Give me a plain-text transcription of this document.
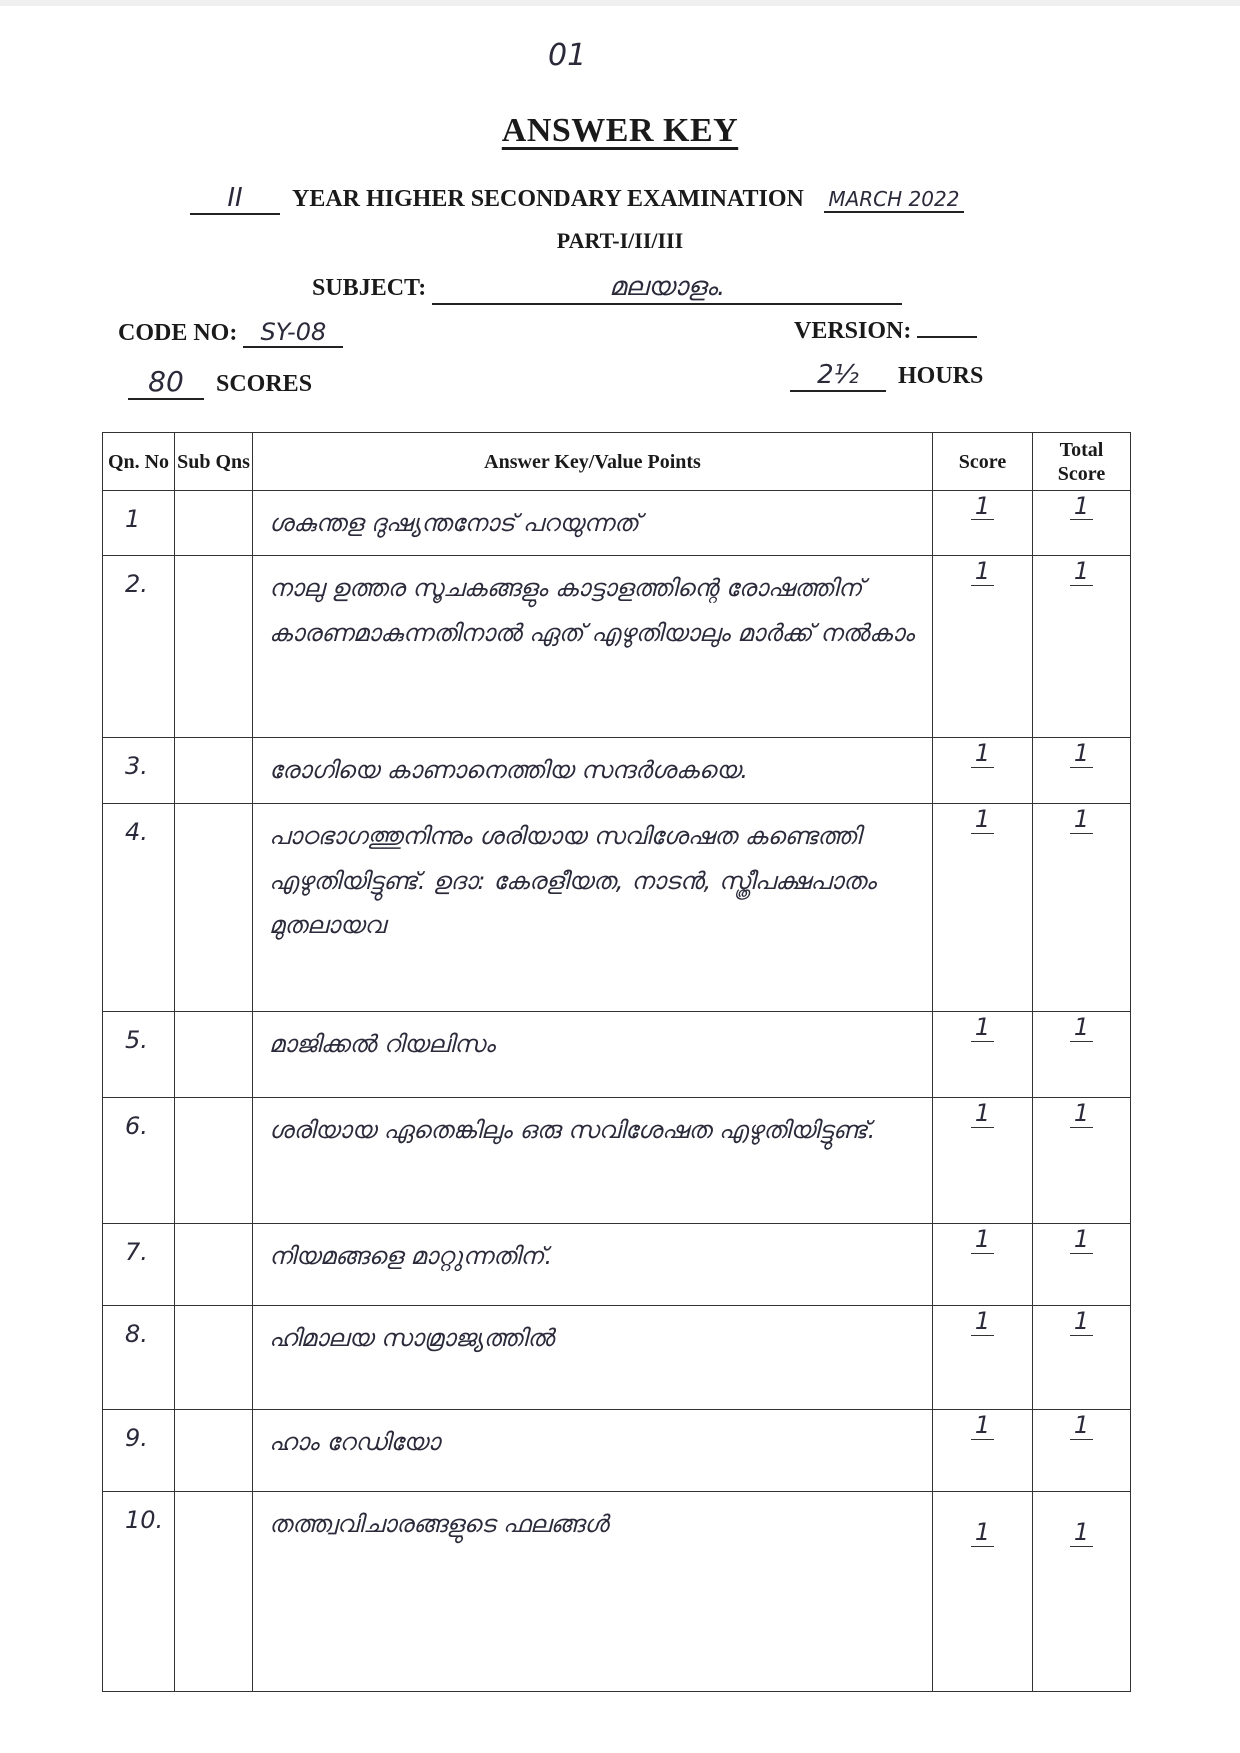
01
ANSWER KEY
II YEAR HIGHER SECONDARY EXAMINATION MARCH 2022
PART-I/II/III
SUBJECT:	മലയാളം.
CODE NO: SY-08	VERSION:
80 SCORES	2½ HOURS
Qn. No	Sub Qns	Answer Key/Value Points	Score	Total Score
1		ശകുന്തള ദുഷ്യന്തനോട് പറയുന്നത്	1	1
2.		നാലു ഉത്തര സൂചകങ്ങളും കാട്ടാളത്തിന്റെ രോഷത്തിന് കാരണമാകുന്നതിനാൽ ഏത് എഴുതിയാലും മാർക്ക് നൽകാം	1	1
3.		രോഗിയെ കാണാനെത്തിയ സന്ദർശകയെ.	1	1
4.		പാഠഭാഗത്തുനിന്നും ശരിയായ സവിശേഷത കണ്ടെത്തി എഴുതിയിട്ടുണ്ട്. ഉദാ: കേരളീയത, നാടൻ, സ്ത്രീപക്ഷപാതം മുതലായവ	1	1
5.		മാജിക്കൽ റിയലിസം	1	1
6.		ശരിയായ ഏതെങ്കിലും ഒരു സവിശേഷത എഴുതിയിട്ടുണ്ട്.	1	1
7.		നിയമങ്ങളെ മാറ്റുന്നതിന്.	1	1
8.		ഹിമാലയ സാമ്രാജ്യത്തിൽ	1	1
9.		ഹാം റേഡിയോ	1	1
10.		തത്ത്വവിചാരങ്ങളുടെ ഫലങ്ങൾ	1	1
